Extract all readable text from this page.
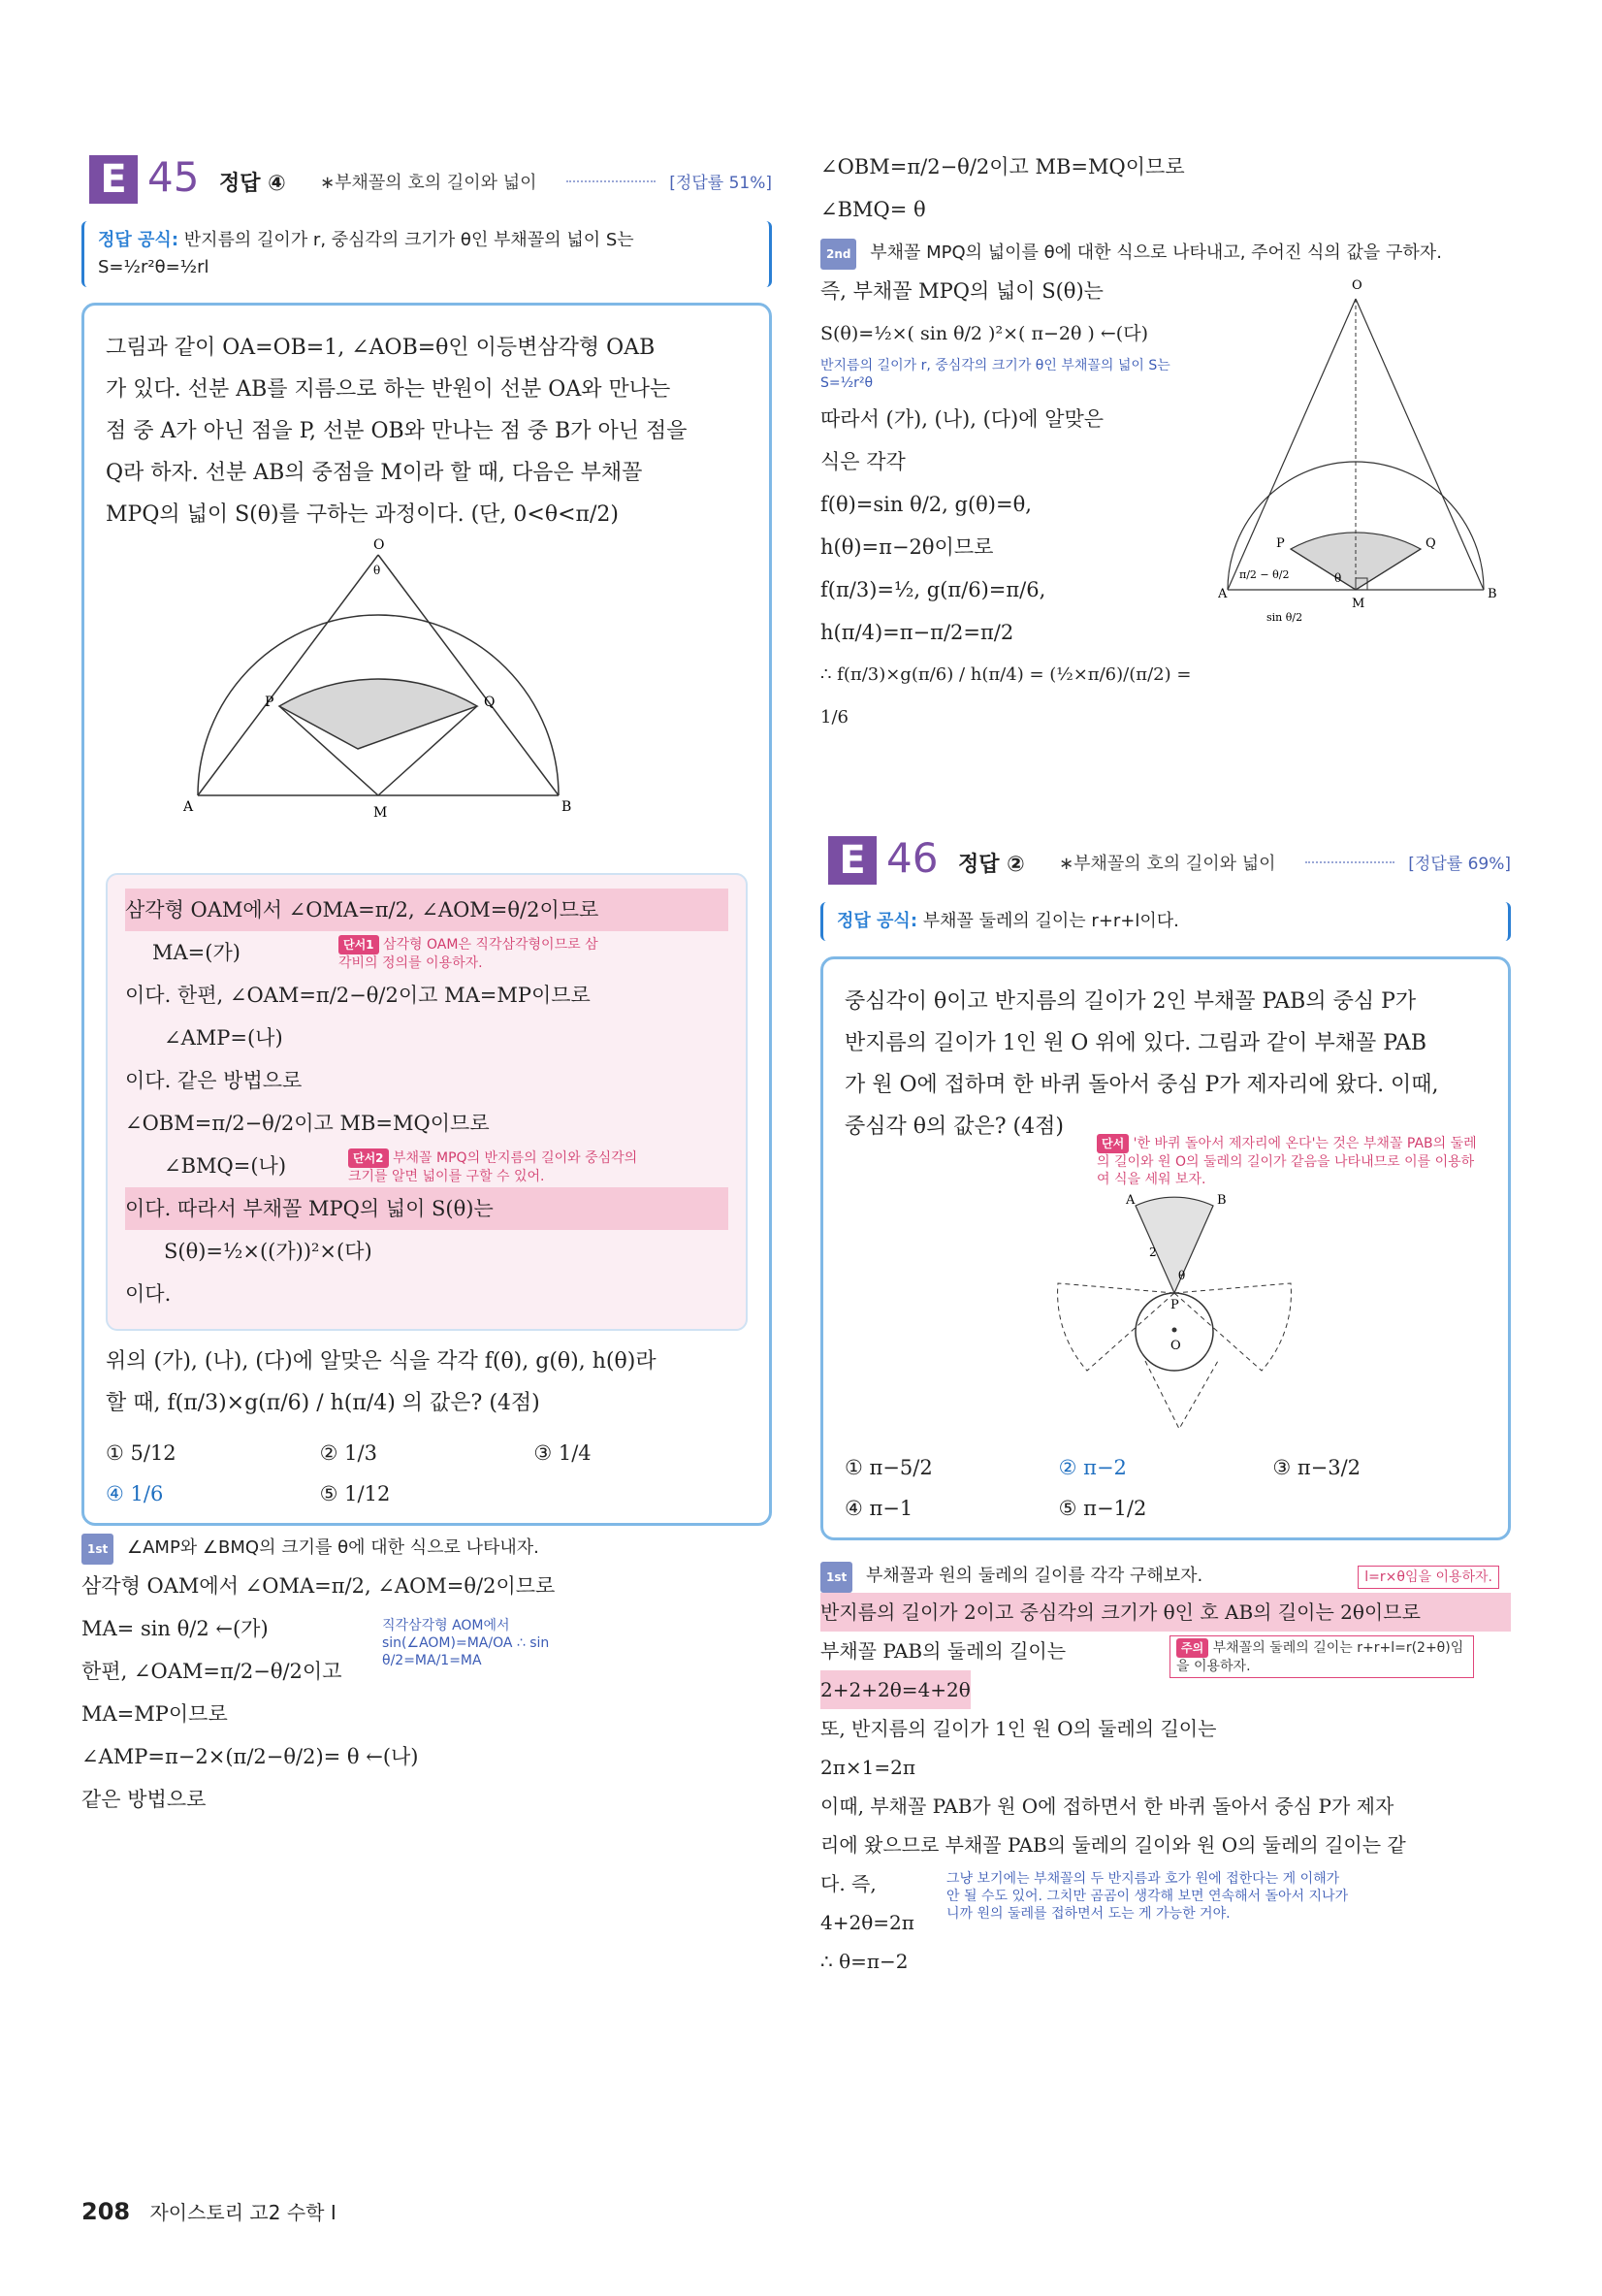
E 45 정답 ④ ∗부채꼴의 호의 길이와 넓이	[정답률 51%]
정답 공식: 반지름의 길이가 r, 중심각의 크기가 θ인 부채꼴의 넓이 S는
S=½r²θ=½rl
그림과 같이 OA=OB=1, ∠AOB=θ인 이등변삼각형 OAB
가 있다. 선분 AB를 지름으로 하는 반원이 선분 OA와 만나는
점 중 A가 아닌 점을 P, 선분 OB와 만나는 점 중 B가 아닌 점을
Q라 하자. 선분 AB의 중점을 M이라 할 때, 다음은 부채꼴
MPQ의 넓이 S(θ)를 구하는 과정이다. (단, 0<θ<π/2)
O
θ
P	Q
A	M	B
삼각형 OAM에서 ∠OMA=π/2, ∠AOM=θ/2이므로
MA=(가)	단서1 삼각형 OAM은 직각삼각형이므로 삼각비의 정의를 이용하자.
이다. 한편, ∠OAM=π/2−θ/2이고 MA=MP이므로
∠AMP=(나)
이다. 같은 방법으로
∠OBM=π/2−θ/2이고 MB=MQ이므로
∠BMQ=(나)	단서2 부채꼴 MPQ의 반지름의 길이와 중심각의 크기를 알면 넓이를 구할 수 있어.
이다. 따라서 부채꼴 MPQ의 넓이 S(θ)는
S(θ)=½×((가))²×(다)
이다.
위의 (가), (나), (다)에 알맞은 식을 각각 f(θ), g(θ), h(θ)라
할 때, f(π/3)×g(π/6) / h(π/4) 의 값은? (4점)
① 5/12	② 1/3	③ 1/4
④ 1/6	⑤ 1/12
1st ∠AMP와 ∠BMQ의 크기를 θ에 대한 식으로 나타내자.
삼각형 OAM에서 ∠OMA=π/2, ∠AOM=θ/2이므로
MA= sin θ/2 ←(가)
한편, ∠OAM=π/2−θ/2이고
MA=MP이므로
∠AMP=π−2×(π/2−θ/2)= θ ←(나)
같은 방법으로
직각삼각형 AOM에서 sin(∠AOM)=MA/OA ∴ sin θ/2=MA/1=MA
∠OBM=π/2−θ/2이고 MB=MQ이므로
∠BMQ= θ
2nd 부채꼴 MPQ의 넓이를 θ에 대한 식으로 나타내고, 주어진 식의 값을 구하자.
즉, 부채꼴 MPQ의 넓이 S(θ)는
S(θ)=½×( sin θ/2 )²×( π−2θ ) ←(다)
반지름의 길이가 r, 중심각의 크기가 θ인 부채꼴의 넓이 S는 S=½r²θ
따라서 (가), (나), (다)에 알맞은
식은 각각
f(θ)=sin θ/2, g(θ)=θ,
h(θ)=π−2θ이므로
f(π/3)=½, g(π/6)=π/6,
h(π/4)=π−π/2=π/2
∴ f(π/3)×g(π/6) / h(π/4) = (½×π/6)/(π/2) = 1/6
O
P	Q
A
M
B
θ
π/2 − θ/2
sin θ/2
E 46 정답 ② ∗부채꼴의 호의 길이와 넓이	[정답률 69%]
정답 공식: 부채꼴 둘레의 길이는 r+r+l이다.
중심각이 θ이고 반지름의 길이가 2인 부채꼴 PAB의 중심 P가
반지름의 길이가 1인 원 O 위에 있다. 그림과 같이 부채꼴 PAB
가 원 O에 접하며 한 바퀴 돌아서 중심 P가 제자리에 왔다. 이때,
중심각 θ의 값은? (4점)
단서 '한 바퀴 돌아서 제자리에 온다'는 것은 부채꼴 PAB의 둘레의 길이와 원 O의 둘레의 길이가 같음을 나타내므로 이를 이용하여 식을 세워 보자.
A	B
P
O
2
θ
① π−5/2	② π−2	③ π−3/2
④ π−1	⑤ π−1/2
1st 부채꼴과 원의 둘레의 길이를 각각 구해보자.	l=r×θ임을 이용하자.
반지름의 길이가 2이고 중심각의 크기가 θ인 호 AB의 길이는 2θ이므로
부채꼴 PAB의 둘레의 길이는
2+2+2θ=4+2θ
또, 반지름의 길이가 1인 원 O의 둘레의 길이는
2π×1=2π
이때, 부채꼴 PAB가 원 O에 접하면서 한 바퀴 돌아서 중심 P가 제자
리에 왔으므로 부채꼴 PAB의 둘레의 길이와 원 O의 둘레의 길이는 같
다. 즉,
4+2θ=2π
∴ θ=π−2
주의 부채꼴의 둘레의 길이는 r+r+l=r(2+θ)임을 이용하자.
그냥 보기에는 부채꼴의 두 반지름과 호가 원에 접한다는 게 이해가 안 될 수도 있어. 그치만 곰곰이 생각해 보면 연속해서 돌아서 지나가니까 원의 둘레를 접하면서 도는 게 가능한 거야.
208 자이스토리 고2 수학 I
